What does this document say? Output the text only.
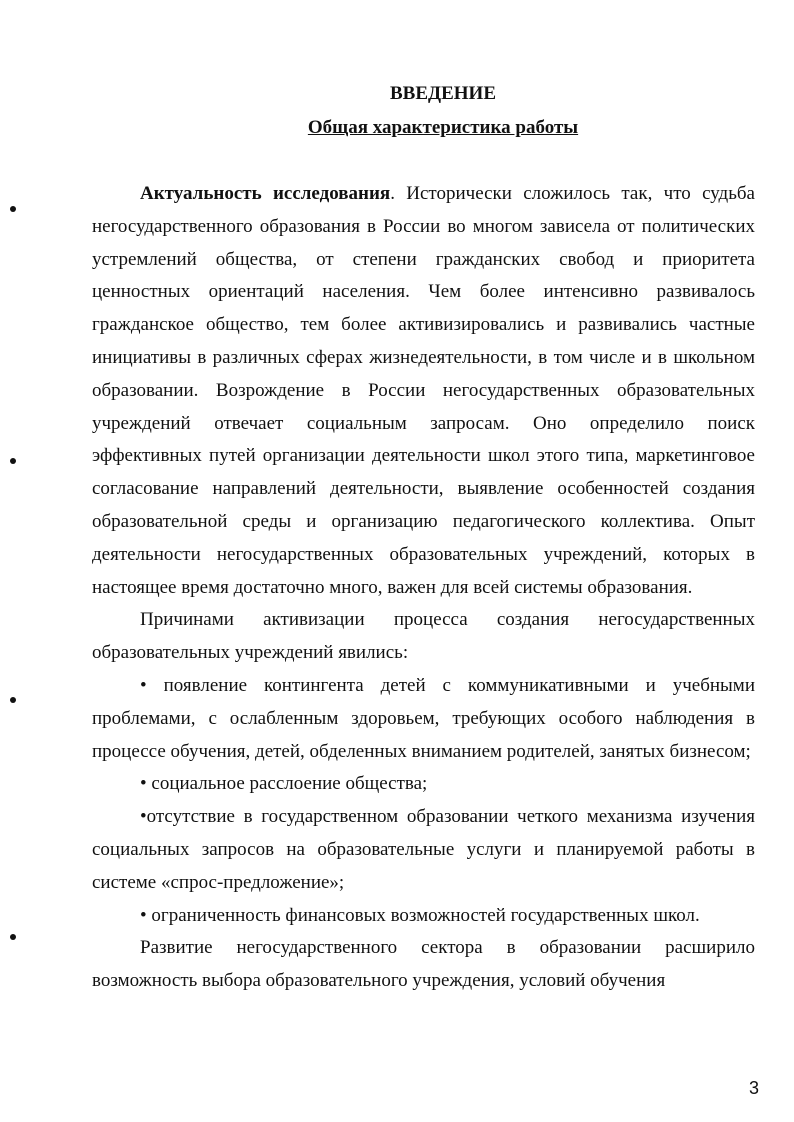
ВВЕДЕНИЕ
Общая характеристика работы

Актуальность исследования. Исторически сложилось так, что судьба негосударственного образования в России во многом зависела от политических устремлений общества, от степени гражданских свобод и приоритета ценностных ориентаций населения. Чем более интенсивно развивалось гражданское общество, тем более активизировались и развивались частные инициативы в различных сферах жизнедеятельности, в том числе и в школьном образовании. Возрождение в России негосударственных образовательных учреждений отвечает социальным запросам. Оно определило поиск эффективных путей организации деятельности школ этого типа, маркетинговое согласование направлений деятельности, выявление особенностей создания образовательной среды и организацию педагогического коллектива. Опыт деятельности негосударственных образовательных учреждений, которых в настоящее время достаточно много, важен для всей системы образования.

Причинами активизации процесса создания негосударственных образовательных учреждений явились:

• появление контингента детей с коммуникативными и учебными проблемами, с ослабленным здоровьем, требующих особого наблюдения в процессе обучения, детей, обделенных вниманием родителей, занятых бизнесом;

• социальное расслоение общества;

•отсутствие в государственном образовании четкого механизма изучения социальных запросов на образовательные услуги и планируемой работы в системе «спрос-предложение»;

• ограниченность финансовых возможностей государственных школ.

Развитие негосударственного сектора в образовании расширило возможность выбора образовательного учреждения, условий обучения

3
